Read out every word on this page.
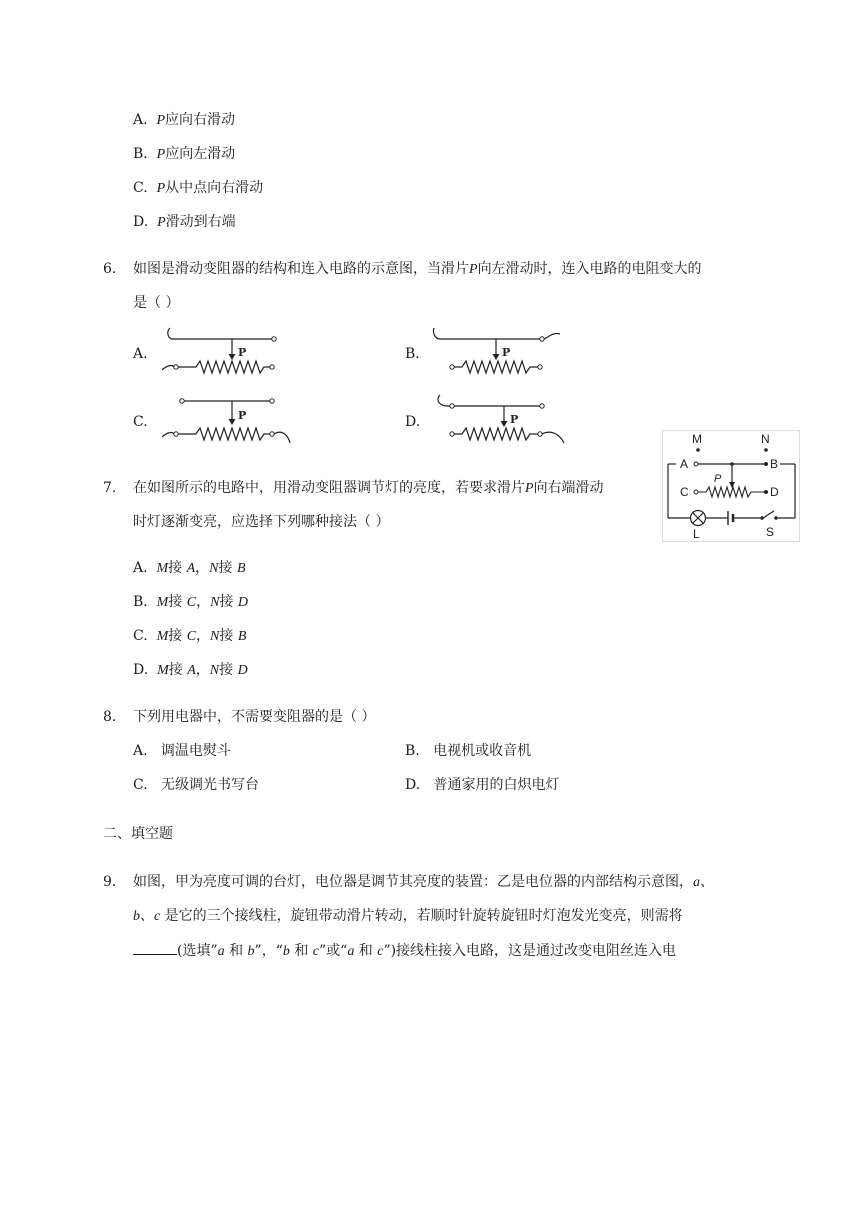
A. P应向右滑动
B. P应向左滑动
C. P从中点向右滑动
D. P滑动到右端
6. 如图是滑动变阻器的结构和连入电路的示意图，当滑片P向左滑动时，连入电路的电阻变大的
是（ ）
A.	B.
C.	D.
P	P
P	P
7. 在如图所示的电路中，用滑动变阻器调节灯的亮度，若要求滑片P向右端滑动
时灯逐渐变亮，应选择下列哪种接法（ ）
M	N
A	B
P
C	D
L	S
A. M接 A，N接 B
B. M接 C，N接 D
C. M接 C，N接 B
D. M接 A，N接 D
8. 下列用电器中，不需要变阻器的是（ ）
A. 调温电熨斗	B. 电视机或收音机
C. 无级调光书写台	D. 普通家用的白炽电灯
二、填空题
9. 如图，甲为亮度可调的台灯，电位器是调节其亮度的装置：乙是电位器的内部结构示意图，a、
b、c 是它的三个接线柱，旋钮带动滑片转动，若顺时针旋转旋钮时灯泡发光变亮，则需将
(选填”a 和 b”，“b 和 c”或“a 和 c”)接线柱接入电路，这是通过改变电阻丝连入电
